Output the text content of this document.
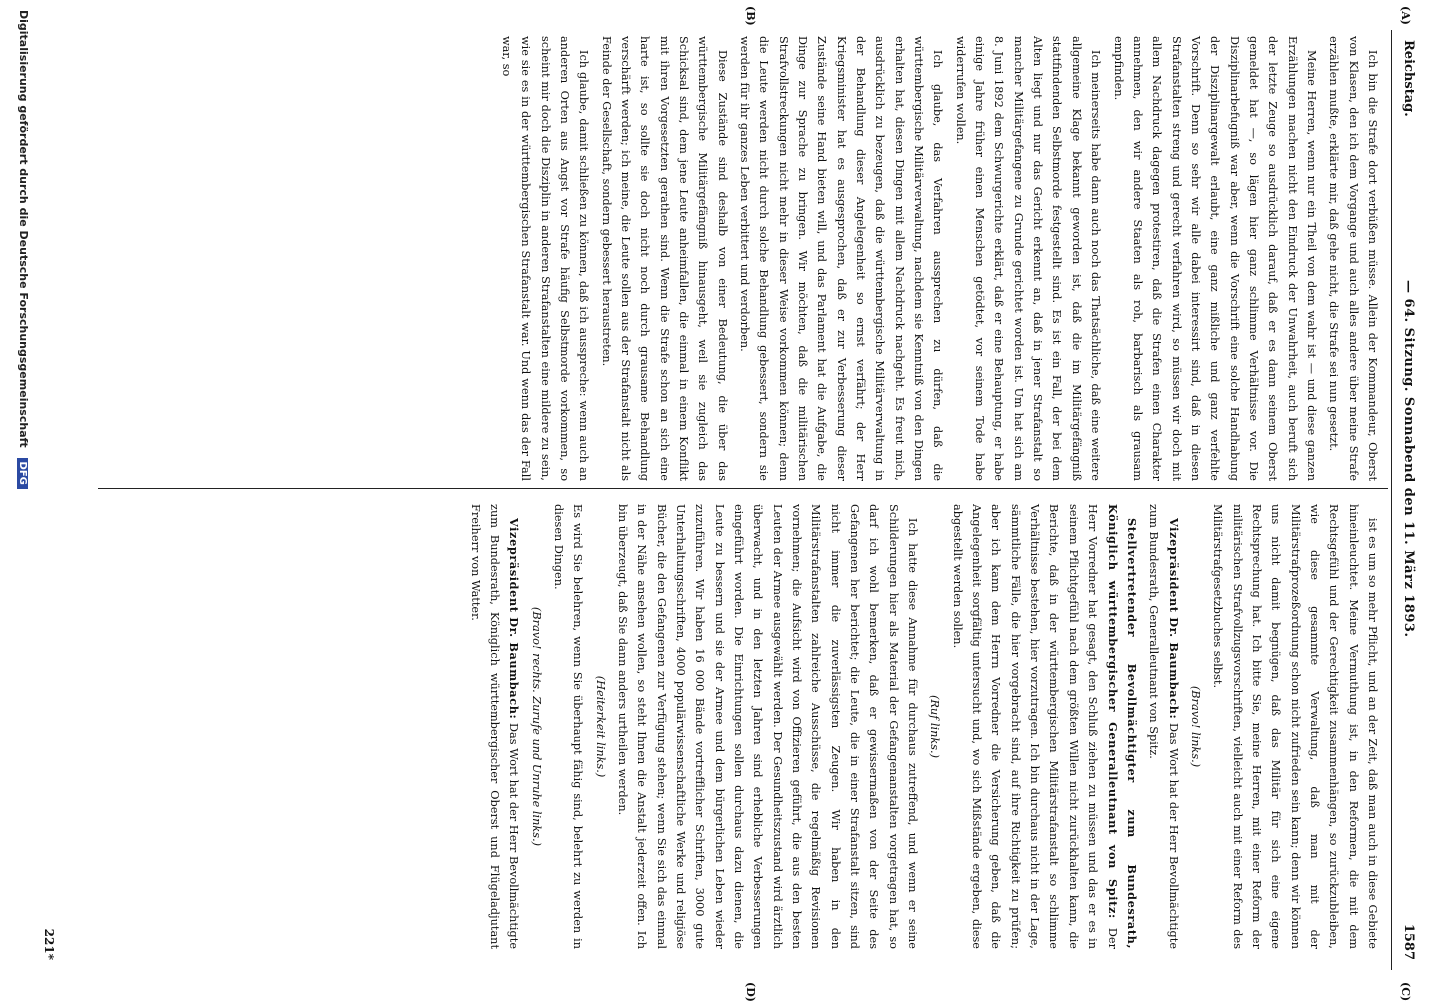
(A)
(C)
(B)
(D)
Reichstag.
— 64. Sitzung. Sonnabend den 11. März 1893.
1587

Ich bin die Strafe dort verbüßen müsse. Allein der Kommandeur, Oberst von Klasen, den ich dem Vorgange und auch alles andere über meine Strafe erzählen mußte, erklärte mir, daß gehe nicht, die Strafe sei nun gesetzt.

Meine Herren, wenn nur ein Theil von dem wahr ist — und diese ganzen Erzählungen machen nicht den Eindruck der Unwahrheit, auch beruft sich der letzte Zeuge so ausdrücklich darauf, daß er es dann seinem Oberst gemeldet hat —, so lägen hier ganz schlimme Verhältnisse vor. Die Disziplinarbefugniß war aber, wenn die Vorschrift eine solche Handhabung der Disziplinargewalt erlaubt, eine ganz mißliche und ganz verfehlte Vorschrift. Denn so sehr wir alle dabei interessirt sind, daß in diesen Strafanstalten streng und gerecht verfahren wird, so müssen wir doch mit allem Nachdruck dagegen protestiren, daß die Strafen einen Charakter annehmen, den wir andere Staaten als roh, barbarisch als grausam empfinden.

Ich meinerseits habe dann auch noch das Thatsächliche, daß eine weitere allgemeine Klage bekannt geworden ist, daß die im Militärgefängniß stattfindenden Selbstmorde festgestellt sind. Es ist ein Fall, der bei dem Alten liegt und nur das Gericht erkennt an, daß in jener Strafanstalt so mancher Militärgefangene zu Grunde gerichtet worden ist. Um hat sich am 8. Juni 1892 dem Schwurgerichte erklärt, daß er eine Behauptung, er habe einige Jahre früher einen Menschen getödtet, vor seinem Tode habe widerrufen wollen.

Ich glaube, das Verfahren aussprechen zu dürfen, daß die württembergische Militärverwaltung, nachdem sie Kenntniß von den Dingen erhalten hat, diesen Dingen mit allem Nachdruck nachgeht. Es freut mich, ausdrücklich zu bezeugen, daß die württembergische Militärverwaltung in der Behandlung dieser Angelegenheit so ernst verfährt; der Herr Kriegsminister hat es ausgesprochen, daß er zur Verbesserung dieser Zustände seine Hand bieten will, und das Parlament hat die Aufgabe, die Dinge zur Sprache zu bringen. Wir möchten, daß die militärischen Strafvollstreckungen nicht mehr in dieser Weise vorkommen können; denn die Leute werden nicht durch solche Behandlung gebessert, sondern sie werden für ihr ganzes Leben verbittert und verdorben.

Diese Zustände sind deshalb von einer Bedeutung, die über das württembergische Militärgefängniß hinausgeht, weil sie zugleich das Schicksal sind, dem jene Leute anheimfallen, die einmal in einem Konflikt mit ihren Vorgesetzten gerathen sind. Wenn die Strafe schon an sich eine harte ist, so sollte sie doch nicht noch durch grausame Behandlung verschärft werden; ich meine, die Leute sollen aus der Strafanstalt nicht als Feinde der Gesellschaft, sondern gebessert heraustreten.

Ich glaube, damit schließen zu können, daß ich ausspreche: wenn auch an anderen Orten aus Angst vor Strafe häufig Selbstmorde vorkommen, so scheint mir doch die Disziplin in anderen Strafanstalten eine mildere zu sein, wie sie es in der württembergischen Strafanstalt war. Und wenn das der Fall war, so

ist es um so mehr Pflicht, und an der Zeit, daß man auch in diese Gebiete hineinleuchtet. Meine Vermuthung ist, in den Reformen, die mit dem Rechtsgefühl und der Gerechtigkeit zusammenhängen, so zurückzubleiben, wie diese gesammte Verwaltung, daß man mit der Militärstrafprozeßordnung schon nicht zufrieden sein kann; denn wir können uns nicht damit begnügen, daß das Militär für sich eine eigene Rechtsprechung hat. Ich bitte Sie, meine Herren, mit einer Reform der militärischen Strafvollzugsvorschriften, vielleicht auch mit einer Reform des Militärstrafgesetzbuches selbst.

(Bravo! links.)

Vizepräsident Dr. Baumbach: Das Wort hat der Herr Bevollmächtigte zum Bundesrath, Generalleutnant von Spitz.

Stellvertretender Bevollmächtigter zum Bundesrath, Königlich württembergischer Generalleutnant von Spitz: Der Herr Vorredner hat gesagt, den Schluß ziehen zu müssen und das er es in seinem Pflichtgefühl nach dem größten Willen nicht zurückhalten kann, die Berichte, daß in der württembergischen Militärstrafanstalt so schlimme Verhältnisse bestehen, hier vorzutragen. Ich bin durchaus nicht in der Lage, sämmtliche Fälle, die hier vorgebracht sind, auf ihre Richtigkeit zu prüfen; aber ich kann dem Herrn Vorredner die Versicherung geben, daß die Angelegenheit sorgfältig untersucht und, wo sich Mißstände ergeben, diese abgestellt werden sollen.

(Ruf links.)

Ich hatte diese Annahme für durchaus zutreffend, und wenn er seine Schilderungen hier als Material der Gefangenanstalten vorgetragen hat, so darf ich wohl bemerken, daß er gewissermaßen von der Seite des Gefangenen her berichtet; die Leute, die in einer Strafanstalt sitzen, sind nicht immer die zuverlässigsten Zeugen. Wir haben in den Militärstrafanstalten zahlreiche Ausschüsse, die regelmäßig Revisionen vornehmen; die Aufsicht wird von Offizieren geführt, die aus den besten Leuten der Armee ausgewählt werden. Der Gesundheitszustand wird ärztlich überwacht, und in den letzten Jahren sind erhebliche Verbesserungen eingeführt worden. Die Einrichtungen sollen durchaus dazu dienen, die Leute zu bessern und sie der Armee und dem bürgerlichen Leben wieder zuzuführen. Wir haben 16 000 Bände vortrefflicher Schriften, 3000 gute Unterhaltungsschriften, 4000 populärwissenschaftliche Werke und religiöse Bücher, die den Gefangenen zur Verfügung stehen; wenn Sie sich das einmal in der Nähe ansehen wollen, so steht Ihnen die Anstalt jederzeit offen. Ich bin überzeugt, daß Sie dann anders urtheilen werden.

(Heiterkeit links.)

Es wird Sie belehren, wenn Sie überhaupt fähig sind, belehrt zu werden in diesen Dingen.

(Bravo! rechts. Zurufe und Unruhe links.)

Vizepräsident Dr. Baumbach: Das Wort hat der Herr Bevollmächtigte zum Bundesrath, Königlich württembergischer Oberst und Flügeladjutant Freiherr von Watter.

221*
Digitalisierung gefördert durch die Deutsche Forschungsgemeinschaft DFG
